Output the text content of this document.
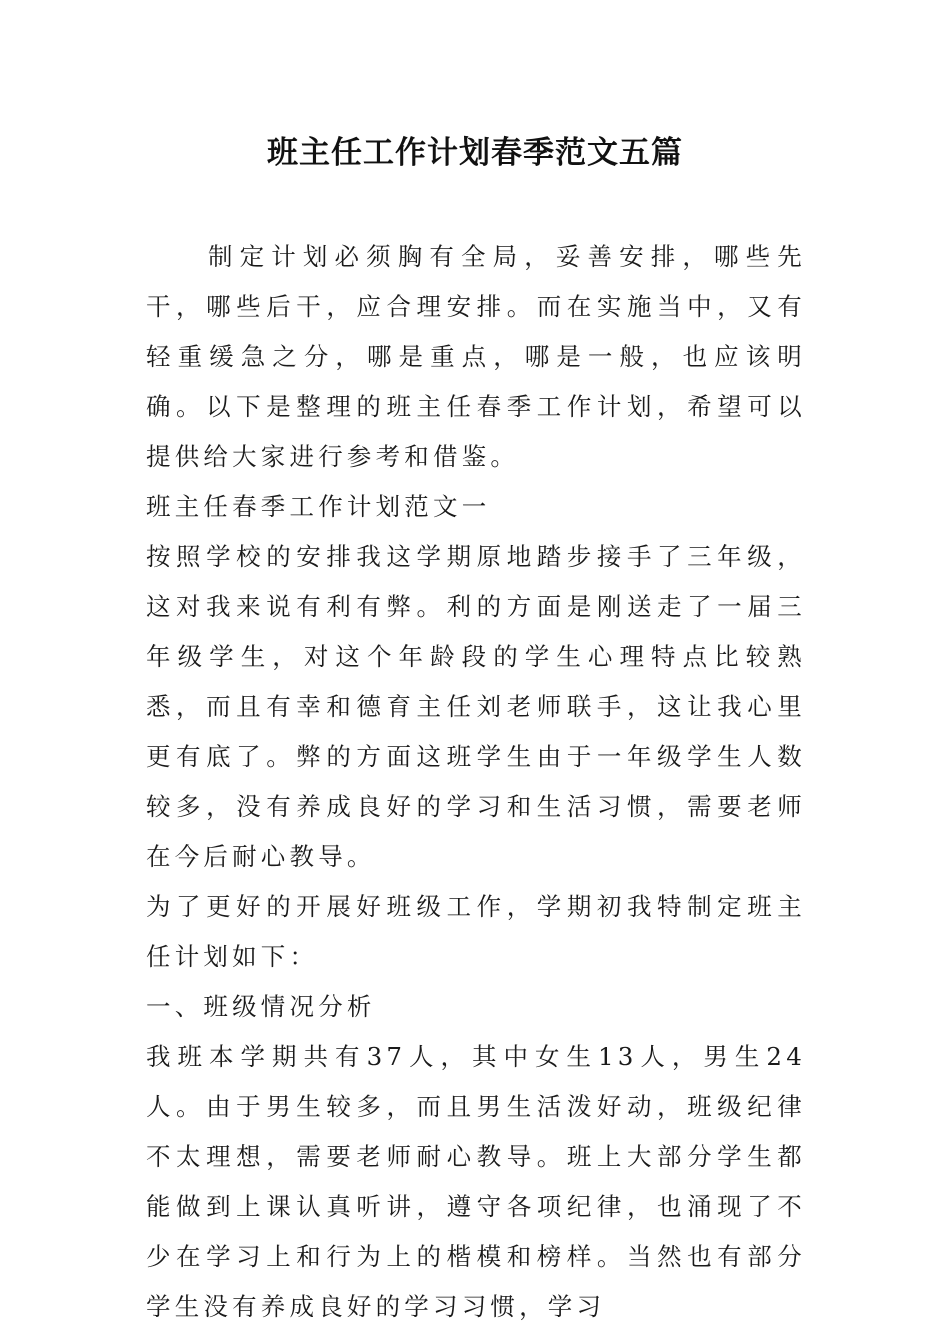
班主任工作计划春季范文五篇

制定计划必须胸有全局，妥善安排，哪些先干，哪些后干，应合理安排。而在实施当中，又有轻重缓急之分，哪是重点，哪是一般，也应该明确。以下是整理的班主任春季工作计划，希望可以提供给大家进行参考和借鉴。

班主任春季工作计划范文一

按照学校的安排我这学期原地踏步接手了三年级，这对我来说有利有弊。利的方面是刚送走了一届三年级学生，对这个年龄段的学生心理特点比较熟悉，而且有幸和德育主任刘老师联手，这让我心里更有底了。弊的方面这班学生由于一年级学生人数较多，没有养成良好的学习和生活习惯，需要老师在今后耐心教导。

为了更好的开展好班级工作，学期初我特制定班主任计划如下：

一、班级情况分析

我班本学期共有37人，其中女生13人，男生24人。由于男生较多，而且男生活泼好动，班级纪律不太理想，需要老师耐心教导。班上大部分学生都能做到上课认真听讲，遵守各项纪律，也涌现了不少在学习上和行为上的楷模和榜样。当然也有部分学生没有养成良好的学习习惯，学习
